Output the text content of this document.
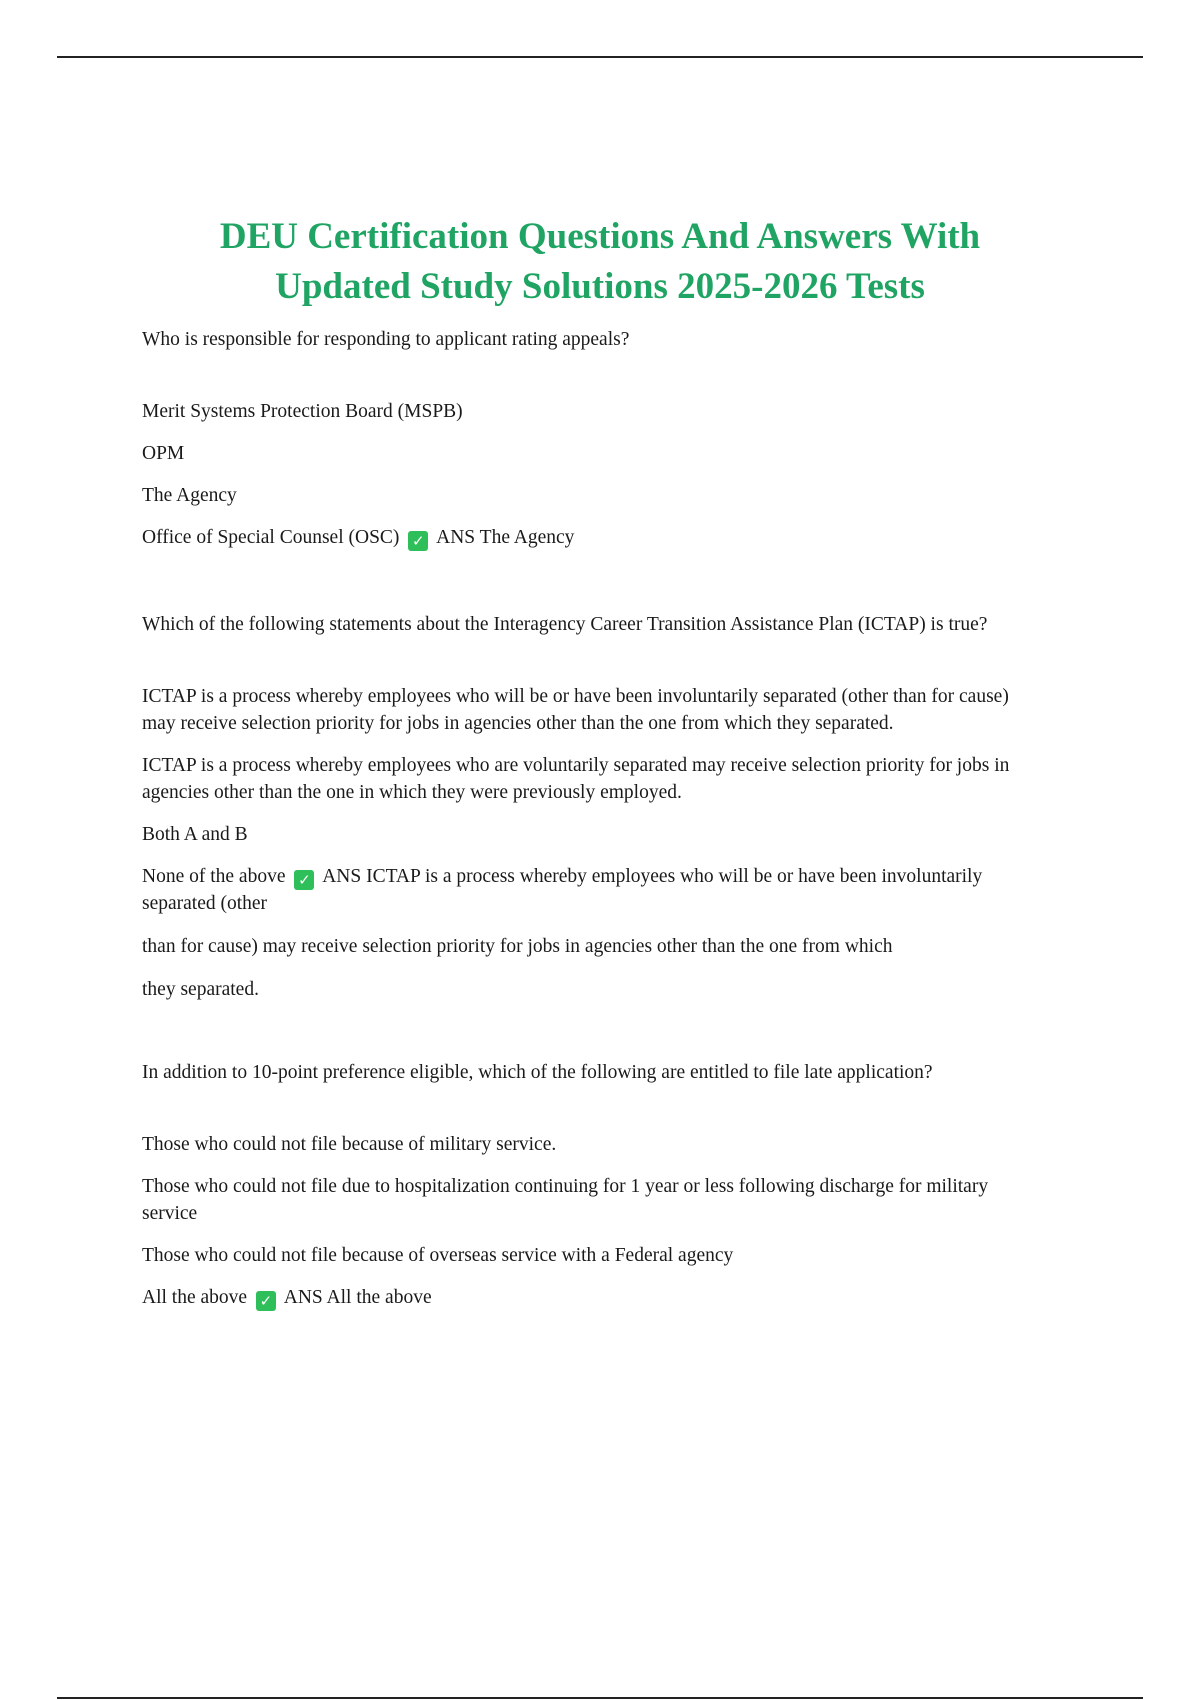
DEU Certification Questions And Answers With Updated Study Solutions 2025-2026 Tests

Who is responsible for responding to applicant rating appeals?

Merit Systems Protection Board (MSPB)
OPM
The Agency
Office of Special Counsel (OSC) ✓ ANS The Agency

Which of the following statements about the Interagency Career Transition Assistance Plan (ICTAP) is true?

ICTAP is a process whereby employees who will be or have been involuntarily separated (other than for cause) may receive selection priority for jobs in agencies other than the one from which they separated.
ICTAP is a process whereby employees who are voluntarily separated may receive selection priority for jobs in agencies other than the one in which they were previously employed.
Both A and B
None of the above ✓ ANS ICTAP is a process whereby employees who will be or have been involuntarily separated (other

than for cause) may receive selection priority for jobs in agencies other than the one from which

they separated.

In addition to 10-point preference eligible, which of the following are entitled to file late application?

Those who could not file because of military service.
Those who could not file due to hospitalization continuing for 1 year or less following discharge for military service
Those who could not file because of overseas service with a Federal agency
All the above ✓ ANS All the above
